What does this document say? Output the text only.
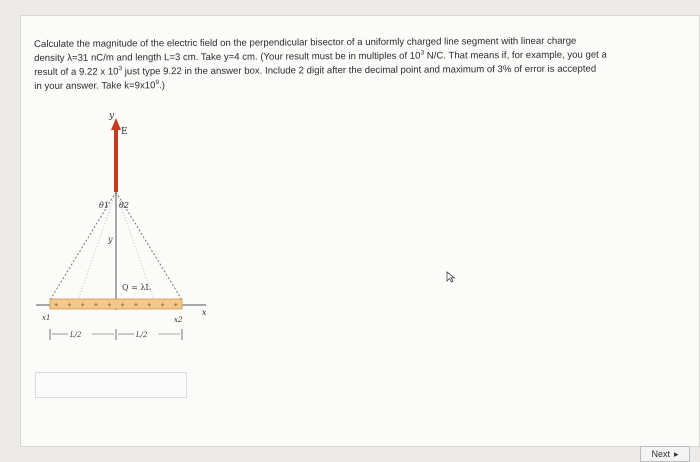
Calculate the magnitude of the electric field on the perpendicular bisector of a uniformly charged line segment with linear charge
density λ=31 nC/m and length L=3 cm. Take y=4 cm. (Your result must be in multiples of $10^3$ N/C. That means if, for example, you get a
result of a 9.22 x $10^3$ just type 9.22 in the answer box. Include 2 digit after the decimal point and maximum of 3% of error is accepted
in your answer. Take $k=9x10^9$.)
y
E
θ1 θ2
y
Q = λL
x
+ + + + + + + + + +
x1	x2
L/2	L/2
Next ▸
